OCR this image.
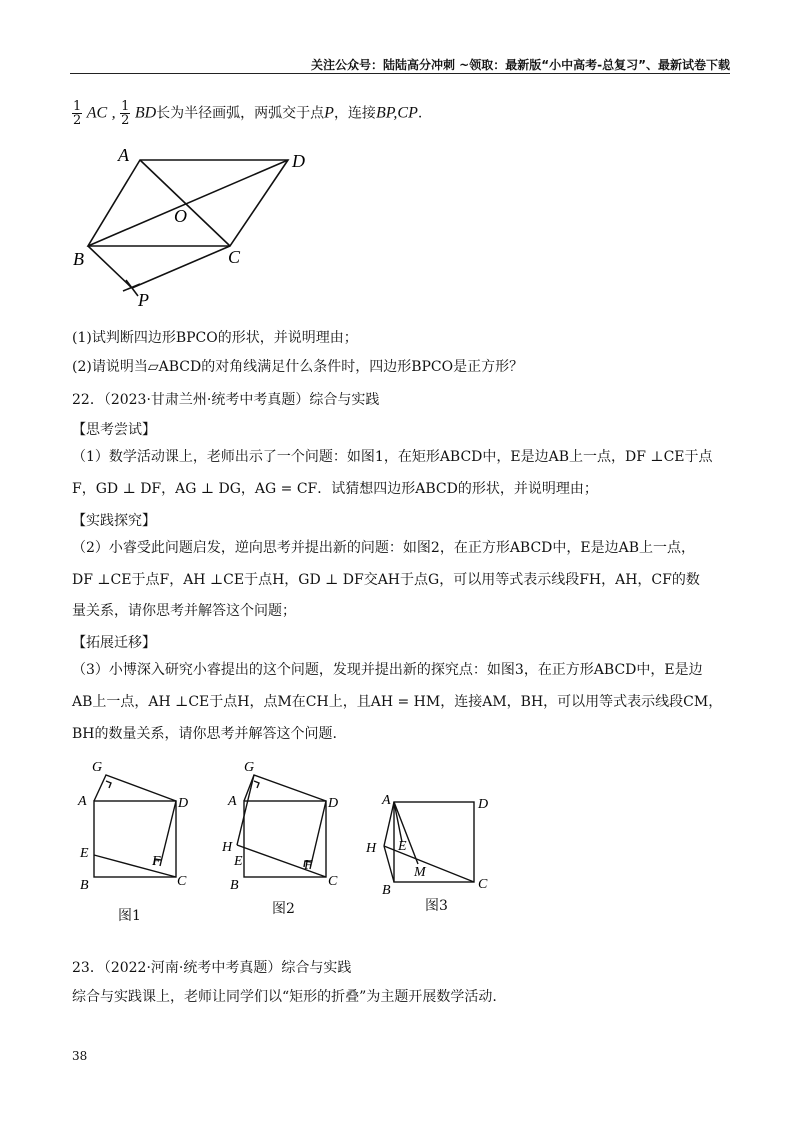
关注公众号：陆陆高分冲刺 ~领取：最新版“小中高考-总复习”、最新试卷下载
$\frac{1}{2}$ AC , $\frac{1}{2}$ BD长为半径画弧，两弧交于点P，连接BP,CP.
A	D
O
B	C
P
(1)试判断四边形BPCO的形状，并说明理由；
(2)请说明当▱ABCD的对角线满足什么条件时，四边形BPCO是正方形？
22．（2023·甘肃兰州·统考中考真题）综合与实践
【思考尝试】
（1）数学活动课上，老师出示了一个问题：如图1，在矩形ABCD中，E是边AB上一点，DF ⊥CE于点
F，GD ⊥ DF，AG ⊥ DG，AG = CF．试猜想四边形ABCD的形状，并说明理由；
【实践探究】
（2）小睿受此问题启发，逆向思考并提出新的问题：如图2，在正方形ABCD中，E是边AB上一点，
DF ⊥CE于点F，AH ⊥CE于点H，GD ⊥ DF交AH于点G，可以用等式表示线段FH，AH，CF的数
量关系，请你思考并解答这个问题；
【拓展迁移】
（3）小博深入研究小睿提出的这个问题，发现并提出新的探究点：如图3，在正方形ABCD中，E是边
AB上一点，AH ⊥CE于点H，点M在CH上，且AH = HM，连接AM，BH，可以用等式表示线段CM，
BH的数量关系，请你思考并解答这个问题.
G
A	D
E
F
B	C
图1
G
A	D
H
E	F
B	C
图2
A	D
H E
M
B	C
图3
23．（2022·河南·统考中考真题）综合与实践
综合与实践课上，老师让同学们以“矩形的折叠”为主题开展数学活动.
38
